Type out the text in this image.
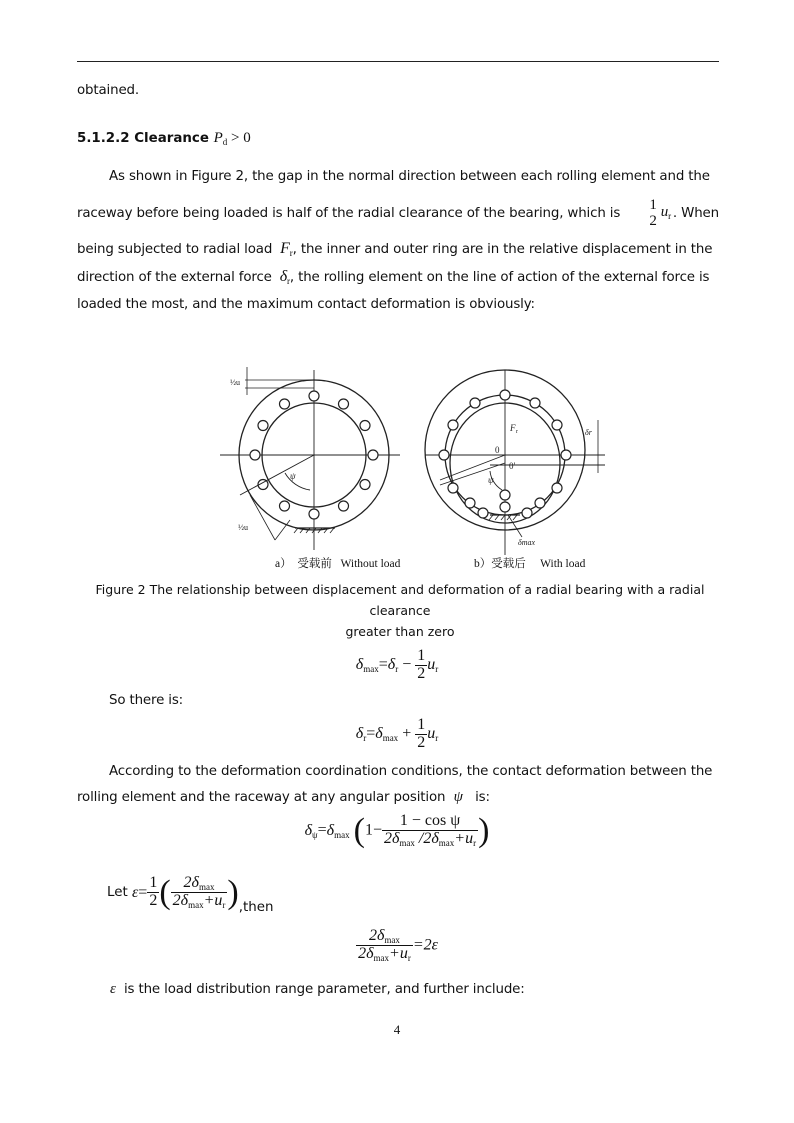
obtained.
5.1.2.2 Clearance $P_d > 0$
As shown in Figure 2, the gap in the normal direction between each rolling element and the
raceway before being loaded is half of the radial clearance of the bearing, which is
1
2
$u_r$ . When
being subjected to radial load $F_r$, the inner and outer ring are in the relative displacement in the
direction of the external force $\delta_r$, the rolling element on the line of action of the external force is
loaded the most, and the maximum contact deformation is obviously:
½u
ψ
½u
F r
0
0′
ψ
δr
δmax
a） 受载前 Without load	b）受载后 With load
Figure 2 The relationship between displacement and deformation of a radial bearing with a radial clearance
greater than zero
$\delta_{max}=\delta_r - \frac{1}{2} u_r$
So there is:
$\delta_r=\delta_{max} + \frac{1}{2} u_r$
According to the deformation coordination conditions, the contact deformation between the
rolling element and the raceway at any angular position ψ is:
$\delta_\psi=\delta_{max}$ ($1- \frac{\text{1 − cos ψ}}{2\delta_{max} /2\delta_{max}+u_r}$ )
Let
$\varepsilon = \frac{1}{2}$ ( $\frac{2\delta_{max}}{2\delta_{max}+u_r}$ ) ,then
$\frac{2\delta_{max}}{2\delta_{max}+u_r} =2\varepsilon$
ε is the load distribution range parameter, and further include:
4
